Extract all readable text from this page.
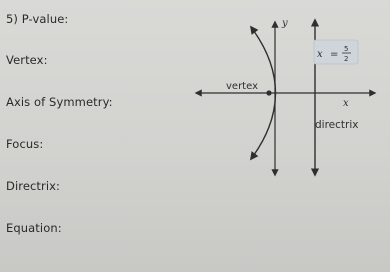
5) P-value:
Vertex:
Axis of Symmetry:
Focus:
Directrix:
Equation:
y
x
vertex
directrix
x = 5
2
